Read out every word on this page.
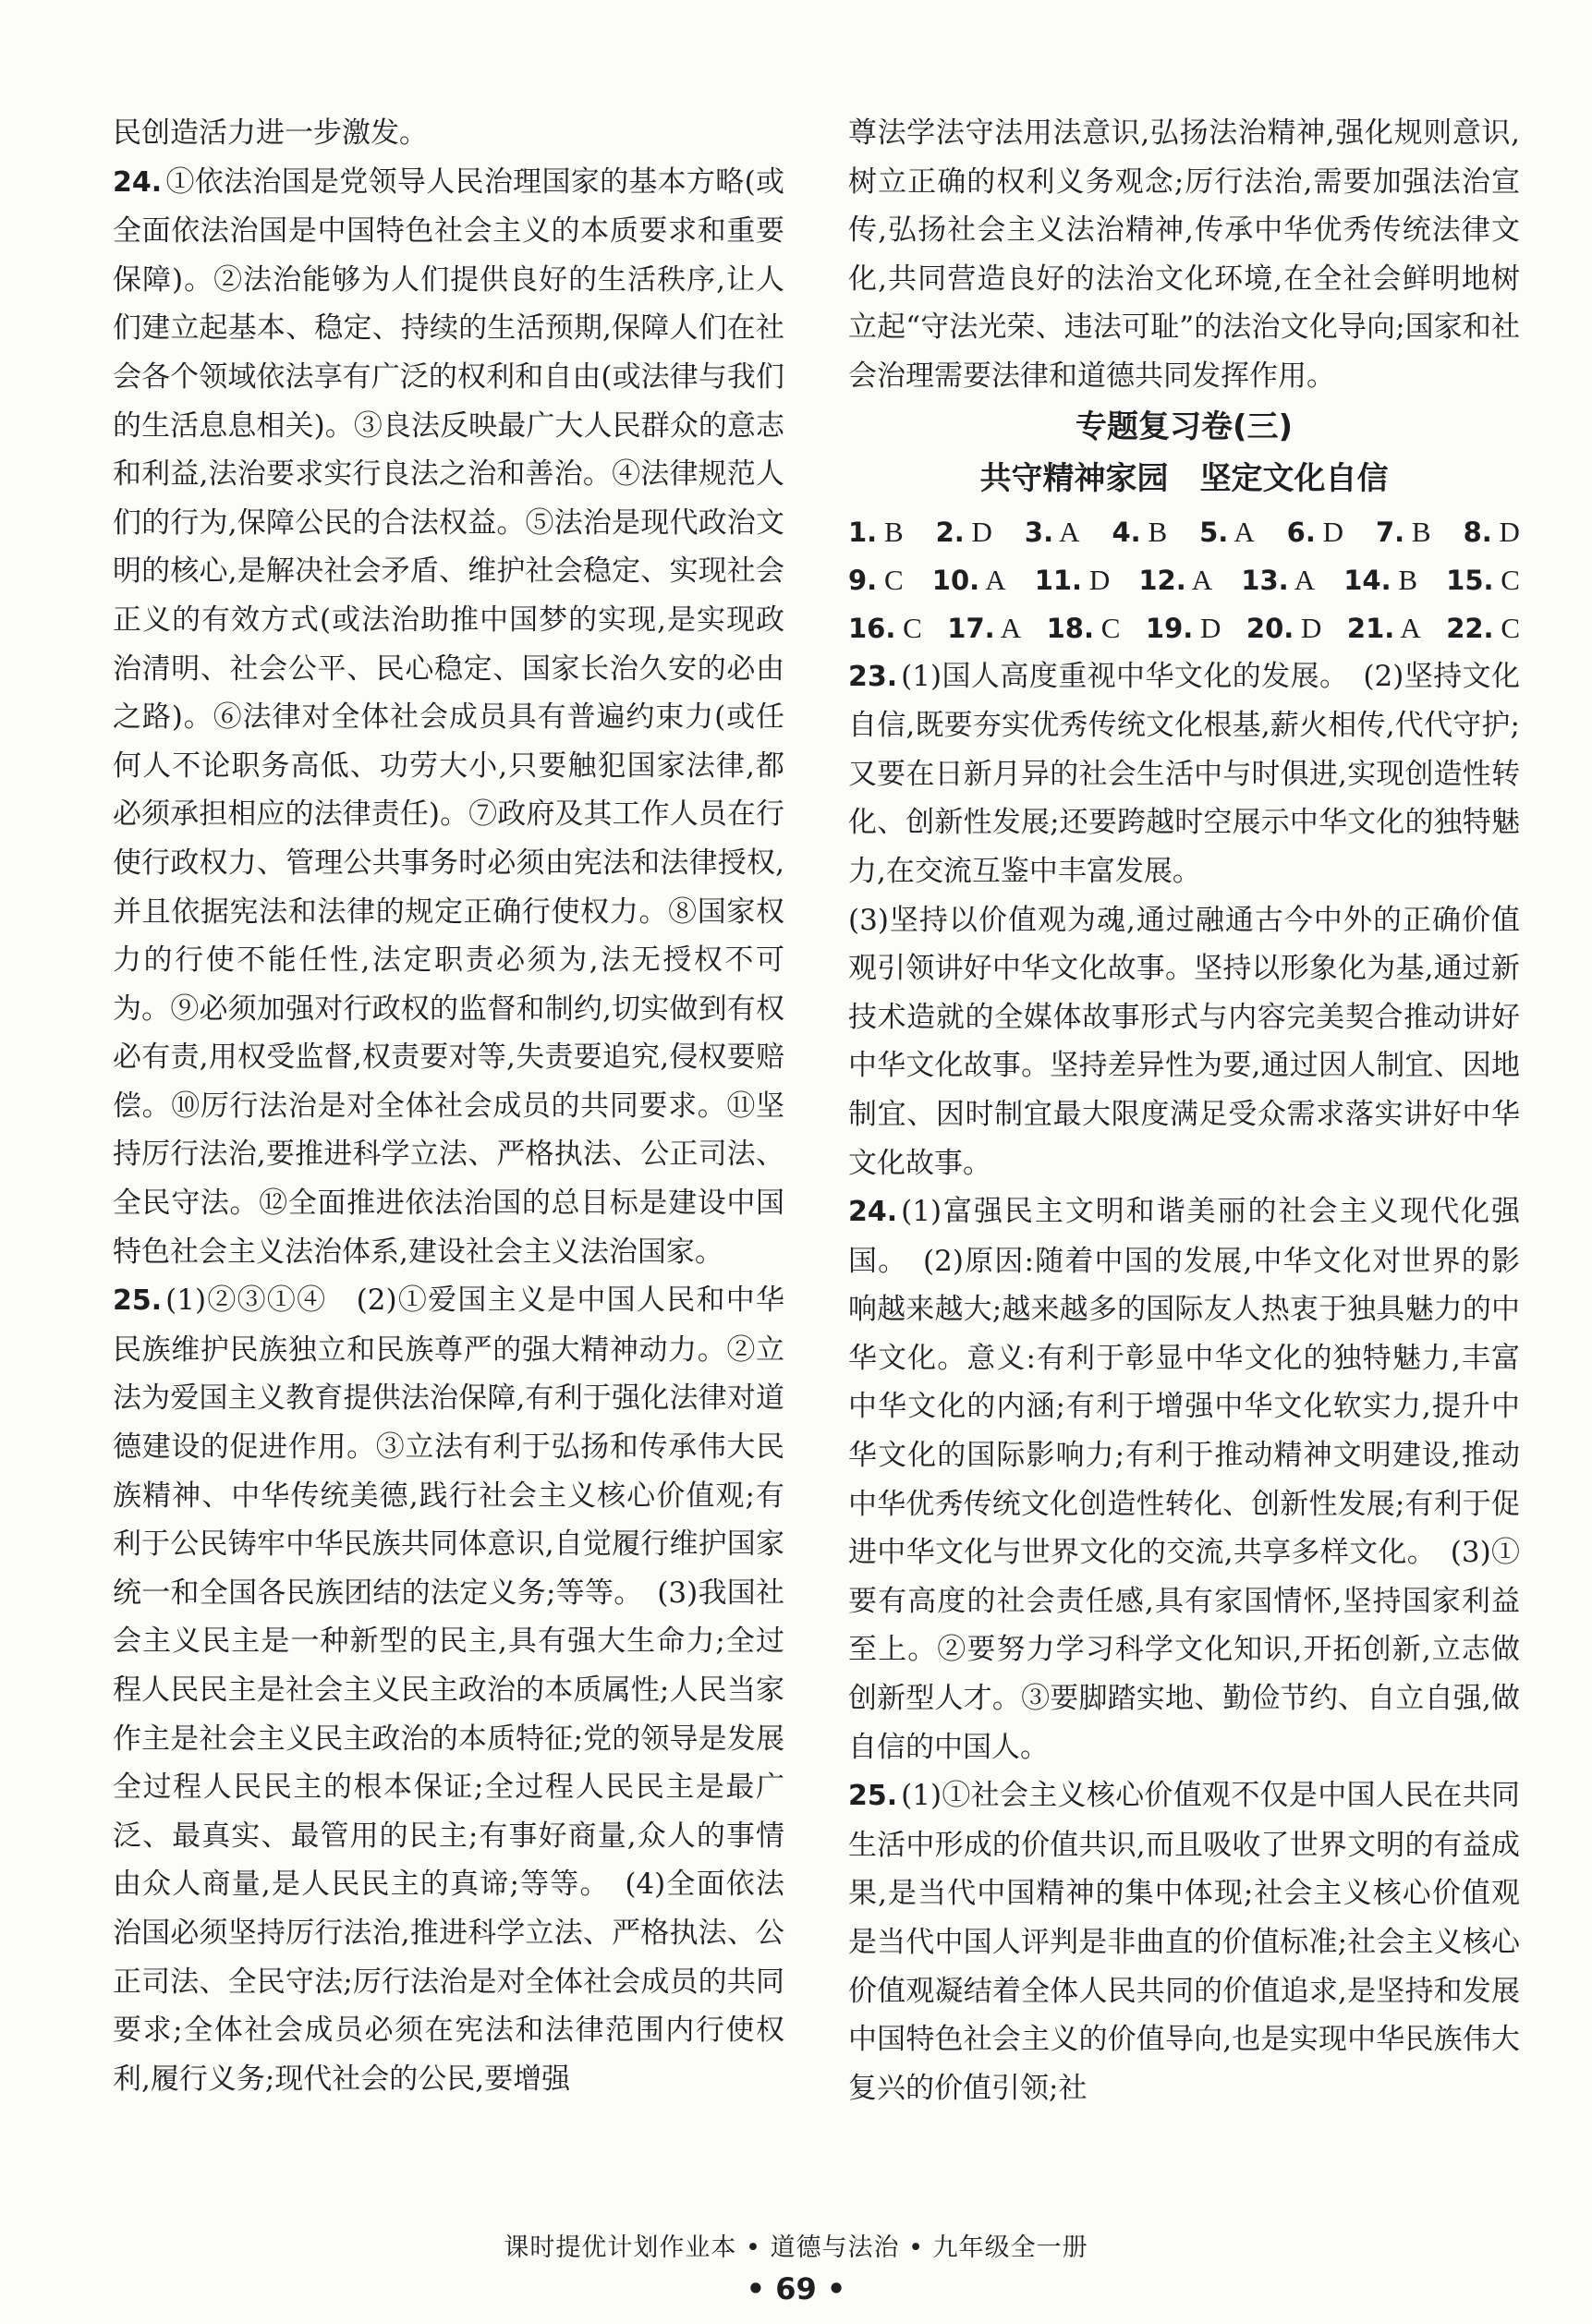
民创造活力进一步激发。

24. ①依法治国是党领导人民治理国家的基本方略(或全面依法治国是中国特色社会主义的本质要求和重要保障)。②法治能够为人们提供良好的生活秩序,让人们建立起基本、稳定、持续的生活预期,保障人们在社会各个领域依法享有广泛的权利和自由(或法律与我们的生活息息相关)。③良法反映最广大人民群众的意志和利益,法治要求实行良法之治和善治。④法律规范人们的行为,保障公民的合法权益。⑤法治是现代政治文明的核心,是解决社会矛盾、维护社会稳定、实现社会正义的有效方式(或法治助推中国梦的实现,是实现政治清明、社会公平、民心稳定、国家长治久安的必由之路)。⑥法律对全体社会成员具有普遍约束力(或任何人不论职务高低、功劳大小,只要触犯国家法律,都必须承担相应的法律责任)。⑦政府及其工作人员在行使行政权力、管理公共事务时必须由宪法和法律授权,并且依据宪法和法律的规定正确行使权力。⑧国家权力的行使不能任性,法定职责必须为,法无授权不可为。⑨必须加强对行政权的监督和制约,切实做到有权必有责,用权受监督,权责要对等,失责要追究,侵权要赔偿。⑩厉行法治是对全体社会成员的共同要求。⑪坚持厉行法治,要推进科学立法、严格执法、公正司法、全民守法。⑫全面推进依法治国的总目标是建设中国特色社会主义法治体系,建设社会主义法治国家。

25. (1)②③①④　(2)①爱国主义是中国人民和中华民族维护民族独立和民族尊严的强大精神动力。②立法为爱国主义教育提供法治保障,有利于强化法律对道德建设的促进作用。③立法有利于弘扬和传承伟大民族精神、中华传统美德,践行社会主义核心价值观;有利于公民铸牢中华民族共同体意识,自觉履行维护国家统一和全国各民族团结的法定义务;等等。　(3)我国社会主义民主是一种新型的民主,具有强大生命力;全过程人民民主是社会主义民主政治的本质属性;人民当家作主是社会主义民主政治的本质特征;党的领导是发展全过程人民民主的根本保证;全过程人民民主是最广泛、最真实、最管用的民主;有事好商量,众人的事情由众人商量,是人民民主的真谛;等等。　(4)全面依法治国必须坚持厉行法治,推进科学立法、严格执法、公正司法、全民守法;厉行法治是对全体社会成员的共同要求;全体社会成员必须在宪法和法律范围内行使权利,履行义务;现代社会的公民,要增强

尊法学法守法用法意识,弘扬法治精神,强化规则意识,树立正确的权利义务观念;厉行法治,需要加强法治宣传,弘扬社会主义法治精神,传承中华优秀传统法律文化,共同营造良好的法治文化环境,在全社会鲜明地树立起“守法光荣、违法可耻”的法治文化导向;国家和社会治理需要法律和道德共同发挥作用。

专题复习卷(三)
共守精神家园　坚定文化自信
1. B 2. D 3. A 4. B 5. A 6. D 7. B 8. D
9. C 10. A 11. D 12. A 13. A 14. B 15. C
16. C 17. A 18. C 19. D 20. D 21. A 22. C

23. (1)国人高度重视中华文化的发展。　(2)坚持文化自信,既要夯实优秀传统文化根基,薪火相传,代代守护;又要在日新月异的社会生活中与时俱进,实现创造性转化、创新性发展;还要跨越时空展示中华文化的独特魅力,在交流互鉴中丰富发展。

(3)坚持以价值观为魂,通过融通古今中外的正确价值观引领讲好中华文化故事。坚持以形象化为基,通过新技术造就的全媒体故事形式与内容完美契合推动讲好中华文化故事。坚持差异性为要,通过因人制宜、因地制宜、因时制宜最大限度满足受众需求落实讲好中华文化故事。

24. (1)富强民主文明和谐美丽的社会主义现代化强国。　(2)原因:随着中国的发展,中华文化对世界的影响越来越大;越来越多的国际友人热衷于独具魅力的中华文化。意义:有利于彰显中华文化的独特魅力,丰富中华文化的内涵;有利于增强中华文化软实力,提升中华文化的国际影响力;有利于推动精神文明建设,推动中华优秀传统文化创造性转化、创新性发展;有利于促进中华文化与世界文化的交流,共享多样文化。　(3)①要有高度的社会责任感,具有家国情怀,坚持国家利益至上。②要努力学习科学文化知识,开拓创新,立志做创新型人才。③要脚踏实地、勤俭节约、自立自强,做自信的中国人。

25. (1)①社会主义核心价值观不仅是中国人民在共同生活中形成的价值共识,而且吸收了世界文明的有益成果,是当代中国精神的集中体现;社会主义核心价值观是当代中国人评判是非曲直的价值标准;社会主义核心价值观凝结着全体人民共同的价值追求,是坚持和发展中国特色社会主义的价值导向,也是实现中华民族伟大复兴的价值引领;社

课时提优计划作业本 • 道德与法治 • 九年级全一册
• 69 •
